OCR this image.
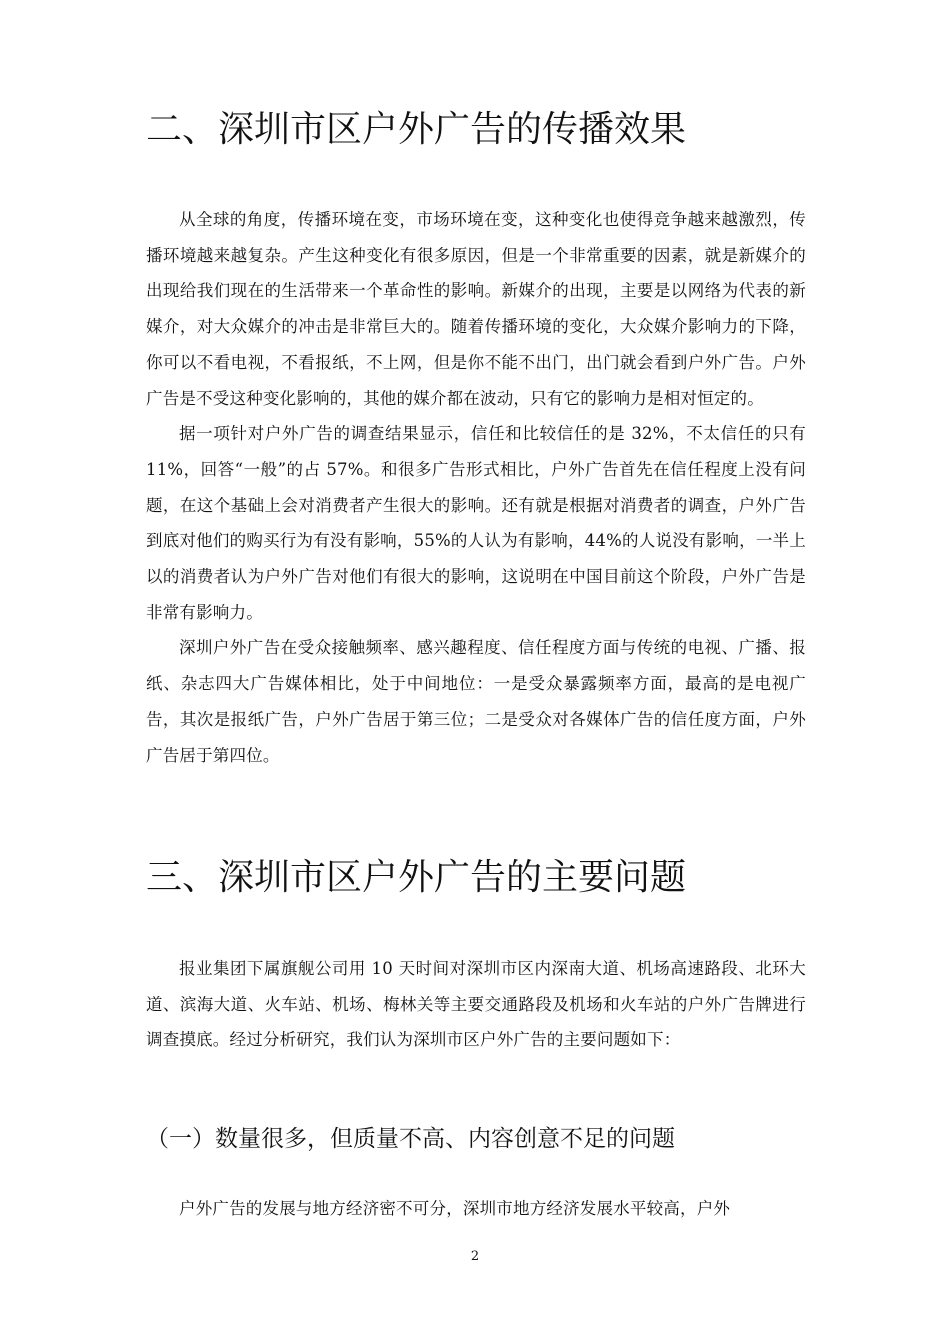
二、深圳市区户外广告的传播效果

从全球的角度，传播环境在变，市场环境在变，这种变化也使得竞争越来越激烈，传播环境越来越复杂。产生这种变化有很多原因，但是一个非常重要的因素，就是新媒介的出现给我们现在的生活带来一个革命性的影响。新媒介的出现，主要是以网络为代表的新媒介，对大众媒介的冲击是非常巨大的。随着传播环境的变化，大众媒介影响力的下降，你可以不看电视，不看报纸，不上网，但是你不能不出门，出门就会看到户外广告。户外广告是不受这种变化影响的，其他的媒介都在波动，只有它的影响力是相对恒定的。

据一项针对户外广告的调查结果显示，信任和比较信任的是 32%，不太信任的只有 11%，回答“一般”的占 57%。和很多广告形式相比，户外广告首先在信任程度上没有问题，在这个基础上会对消费者产生很大的影响。还有就是根据对消费者的调查，户外广告到底对他们的购买行为有没有影响，55%的人认为有影响，44%的人说没有影响，一半上以的消费者认为户外广告对他们有很大的影响，这说明在中国目前这个阶段，户外广告是非常有影响力。

深圳户外广告在受众接触频率、感兴趣程度、信任程度方面与传统的电视、广播、报纸、杂志四大广告媒体相比，处于中间地位：一是受众暴露频率方面，最高的是电视广告，其次是报纸广告，户外广告居于第三位；二是受众对各媒体广告的信任度方面，户外广告居于第四位。

三、深圳市区户外广告的主要问题

报业集团下属旗舰公司用 10 天时间对深圳市区内深南大道、机场高速路段、北环大道、滨海大道、火车站、机场、梅林关等主要交通路段及机场和火车站的户外广告牌进行调查摸底。经过分析研究，我们认为深圳市区户外广告的主要问题如下：

（一）数量很多，但质量不高、内容创意不足的问题

户外广告的发展与地方经济密不可分，深圳市地方经济发展水平较高，户外

2
